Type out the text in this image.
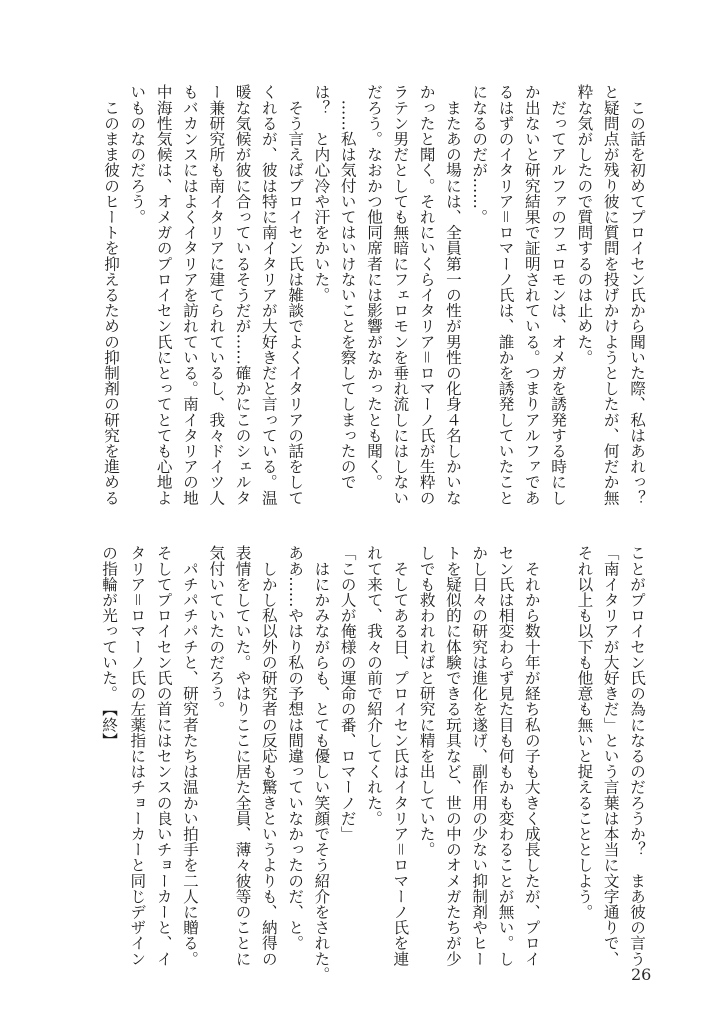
　この話を初めてプロイセン氏から聞いた際、私はあれっ？
と疑問点が残り彼に質問を投げかけようとしたが、何だか無
粋な気がしたので質問するのは止めた。
　だってアルファのフェロモンは、オメガを誘発する時にし
か出ないと研究結果で証明されている。つまりアルファであ
るはずのイタリア＝ロマーノ氏は、誰かを誘発していたこと
になるのだが……。
　またあの場には、全員第一の性が男性の化身４名しかいな
かったと聞く。それにいくらイタリア＝ロマーノ氏が生粋の
ラテン男だとしても無暗にフェロモンを垂れ流しにはしない
だろう。なおかつ他同席者には影響がなかったとも聞く。
　……私は気付いてはいけないことを察してしまったので
は？　と内心冷や汗をかいた。
　そう言えばプロイセン氏は雑談でよくイタリアの話をして
くれるが、彼は特に南イタリアが大好きだと言っている。温
暖な気候が彼に合っているそうだが……確かにこのシェルタ
ー兼研究所も南イタリアに建てられているし、我々ドイツ人
もバカンスにはよくイタリアを訪れている。南イタリアの地
中海性気候は、オメガのプロイセン氏にとってとても心地よ
いものなのだろう。
　このまま彼のヒートを抑えるための抑制剤の研究を進める
ことがプロイセン氏の為になるのだろうか？　まあ彼の言う
「南イタリアが大好きだ」という言葉は本当に文字通りで、
それ以上も以下も他意も無いと捉えることとしよう。
　それから数十年が経ち私の子も大きく成長したが、プロイ
セン氏は相変わらず見た目も何もかも変わることが無い。し
かし日々の研究は進化を遂げ、副作用の少ない抑制剤やヒー
トを疑似的に体験できる玩具など、世の中のオメガたちが少
しでも救われればと研究に精を出していた。
　そしてある日、プロイセン氏はイタリア＝ロマーノ氏を連
れて来て、我々の前で紹介してくれた。
「この人が俺様の運命の番、ロマーノだ」
　はにかみながらも、とても優しい笑顔でそう紹介をされた。
ああ……やはり私の予想は間違っていなかったのだ、と。
　しかし私以外の研究者の反応も驚きというよりも、納得の
表情をしていた。やはりここに居た全員、薄々彼等のことに
気付いていたのだろう。
　パチパチパチと、研究者たちは温かい拍手を二人に贈る。
そしてプロイセン氏の首にはセンスの良いチョーカーと、イ
タリア＝ロマーノ氏の左薬指にはチョーカーと同じデザイン
の指輪が光っていた。【終】
26
